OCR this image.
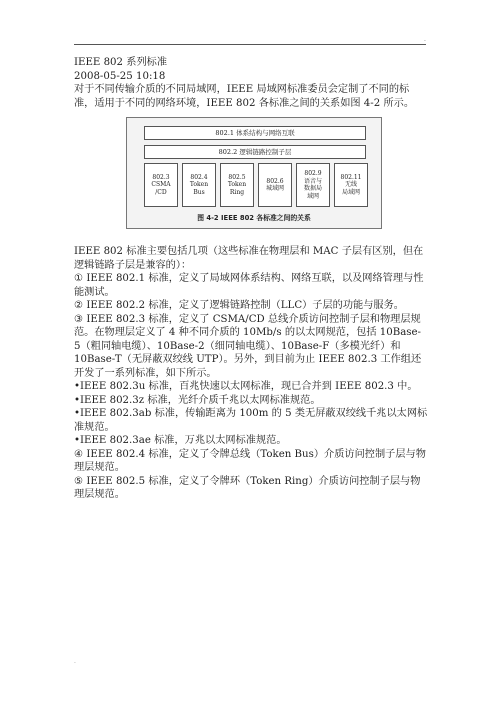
.

IEEE 802 系列标准

2008-05-25 10:18

对于不同传输介质的不同局域网，IEEE 局域网标准委员会定制了不同的标准，适用于不同的网络环境，IEEE 802 各标准之间的关系如图 4-2 所示。

802.1 体系结构与网络互联
802.2 逻辑链路控制子层
802.3
CSMA
/CD
802.4
Token
Bus
802.5
Token
Ring
802.6
城域网
802.9
语音与
数据局
域网
802.11
无线
局域网
图 4-2 IEEE 802 各标准之间的关系

IEEE 802 标准主要包括几项（这些标准在物理层和 MAC 子层有区别，但在逻辑链路子层是兼容的）：

① IEEE 802.1 标准，定义了局域网体系结构、网络互联，以及网络管理与性能测试。

② IEEE 802.2 标准，定义了逻辑链路控制（LLC）子层的功能与服务。

③ IEEE 802.3 标准，定义了 CSMA/CD 总线介质访问控制子层和物理层规范。在物理层定义了 4 种不同介质的 10Mb/s 的以太网规范，包括 10Base- 5（粗同轴电缆）、10Base-2（细同轴电缆）、10Base-F（多模光纤）和 10Base-T（无屏蔽双绞线 UTP）。另外，到目前为止 IEEE 802.3 工作组还开发了一系列标准，如下所示。

• IEEE 802.3u 标准，百兆快速以太网标准，现已合并到 IEEE 802.3 中。

• IEEE 802.3z 标准，光纤介质千兆以太网标准规范。

• IEEE 802.3ab 标准，传输距离为 100m 的 5 类无屏蔽双绞线千兆以太网标准规范。

• IEEE 802.3ae 标准，万兆以太网标准规范。

④ IEEE 802.4 标准，定义了令牌总线（Token Bus）介质访问控制子层与物理层规范。

⑤ IEEE 802.5 标准，定义了令牌环（Token Ring）介质访问控制子层与物理层规范。

.
